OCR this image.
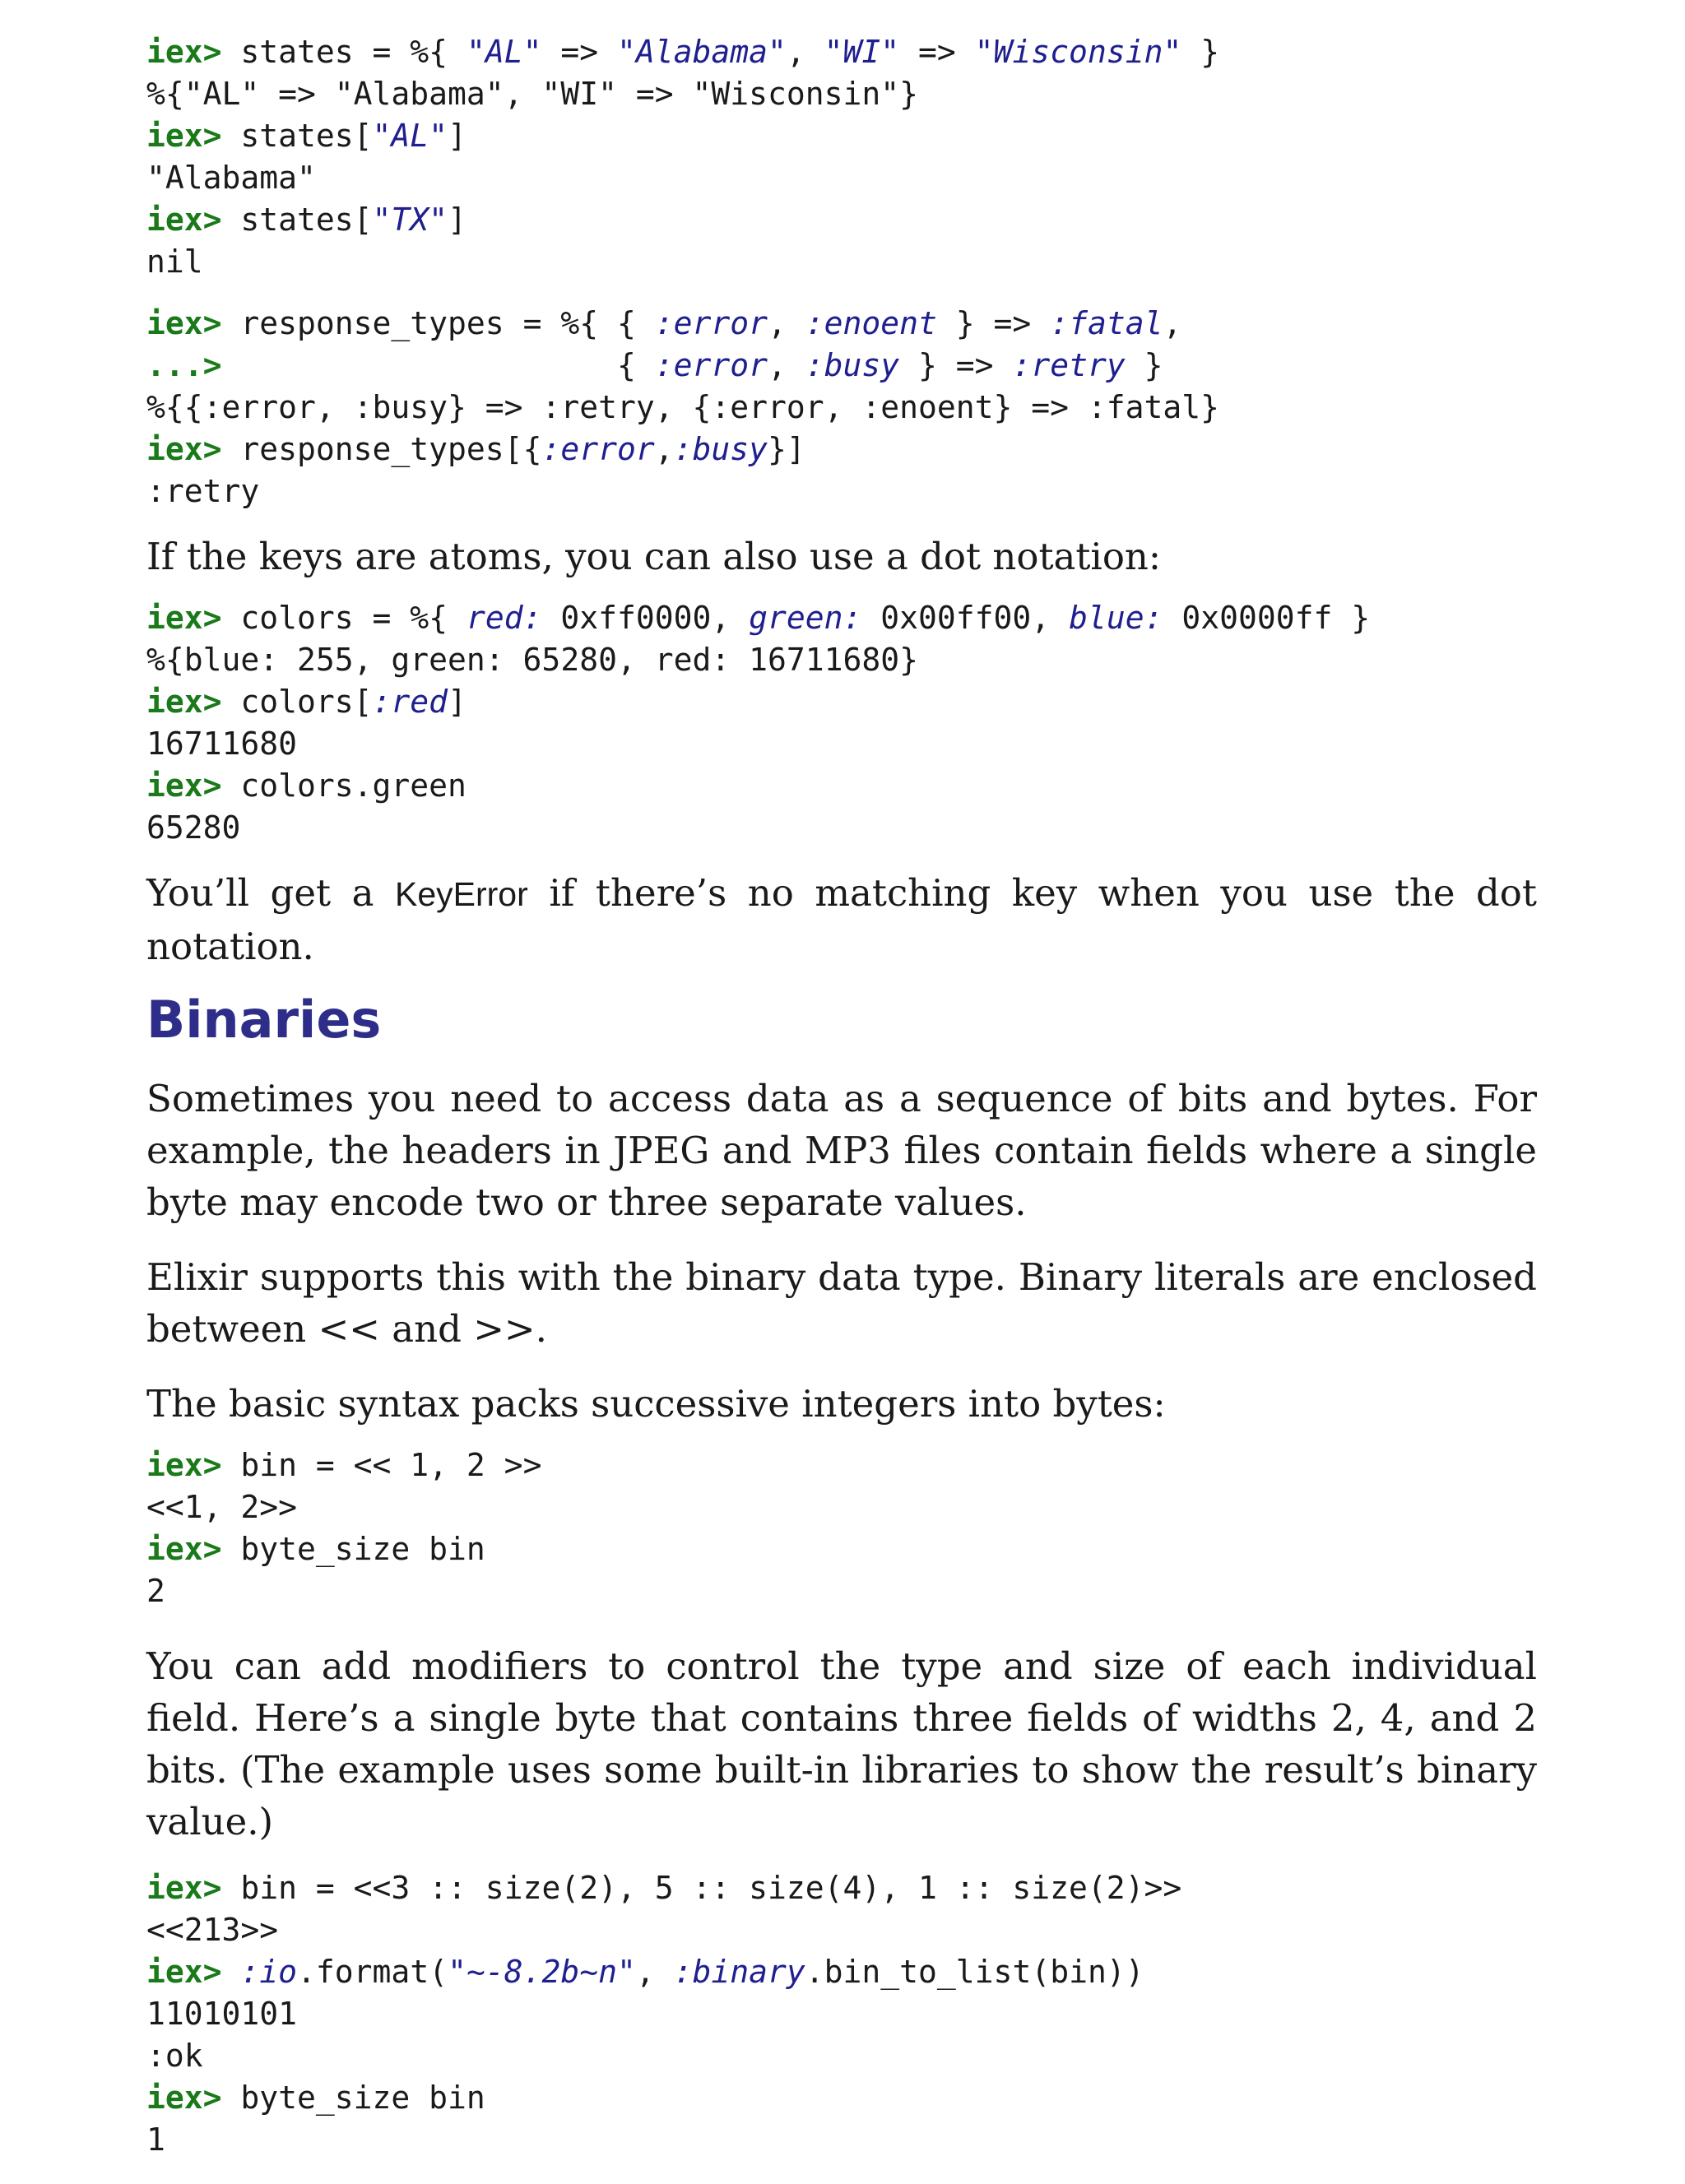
iex> states = %{ "AL" => "Alabama", "WI" => "Wisconsin" }
%{"AL" => "Alabama", "WI" => "Wisconsin"}
iex> states["AL"]
"Alabama"
iex> states["TX"]
nil
iex> response_types = %{ { :error, :enoent } => :fatal,
...>                     { :error, :busy } => :retry }
%{{:error, :busy} => :retry, {:error, :enoent} => :fatal}
iex> response_types[{:error,:busy}]
:retry

If the keys are atoms, you can also use a dot notation:

iex> colors = %{ red: 0xff0000, green: 0x00ff00, blue: 0x0000ff }
%{blue: 255, green: 65280, red: 16711680}
iex> colors[:red]
16711680
iex> colors.green
65280

You’ll get a KeyError if there’s no matching key when you use the dot notation.

Binaries

Sometimes you need to access data as a sequence of bits and bytes. For example, the headers in JPEG and MP3 files contain fields where a single byte may encode two or three separate values.

Elixir supports this with the binary data type. Binary literals are enclosed between << and >>.

The basic syntax packs successive integers into bytes:

iex> bin = << 1, 2 >>
<<1, 2>>
iex> byte_size bin
2

You can add modifiers to control the type and size of each individual field. Here’s a single byte that contains three fields of widths 2, 4, and 2 bits. (The example uses some built-in libraries to show the result’s binary value.)

iex> bin = <<3 :: size(2), 5 :: size(4), 1 :: size(2)>>
<<213>>
iex> :io.format("~-8.2b~n", :binary.bin_to_list(bin))
11010101
:ok
iex> byte_size bin
1
